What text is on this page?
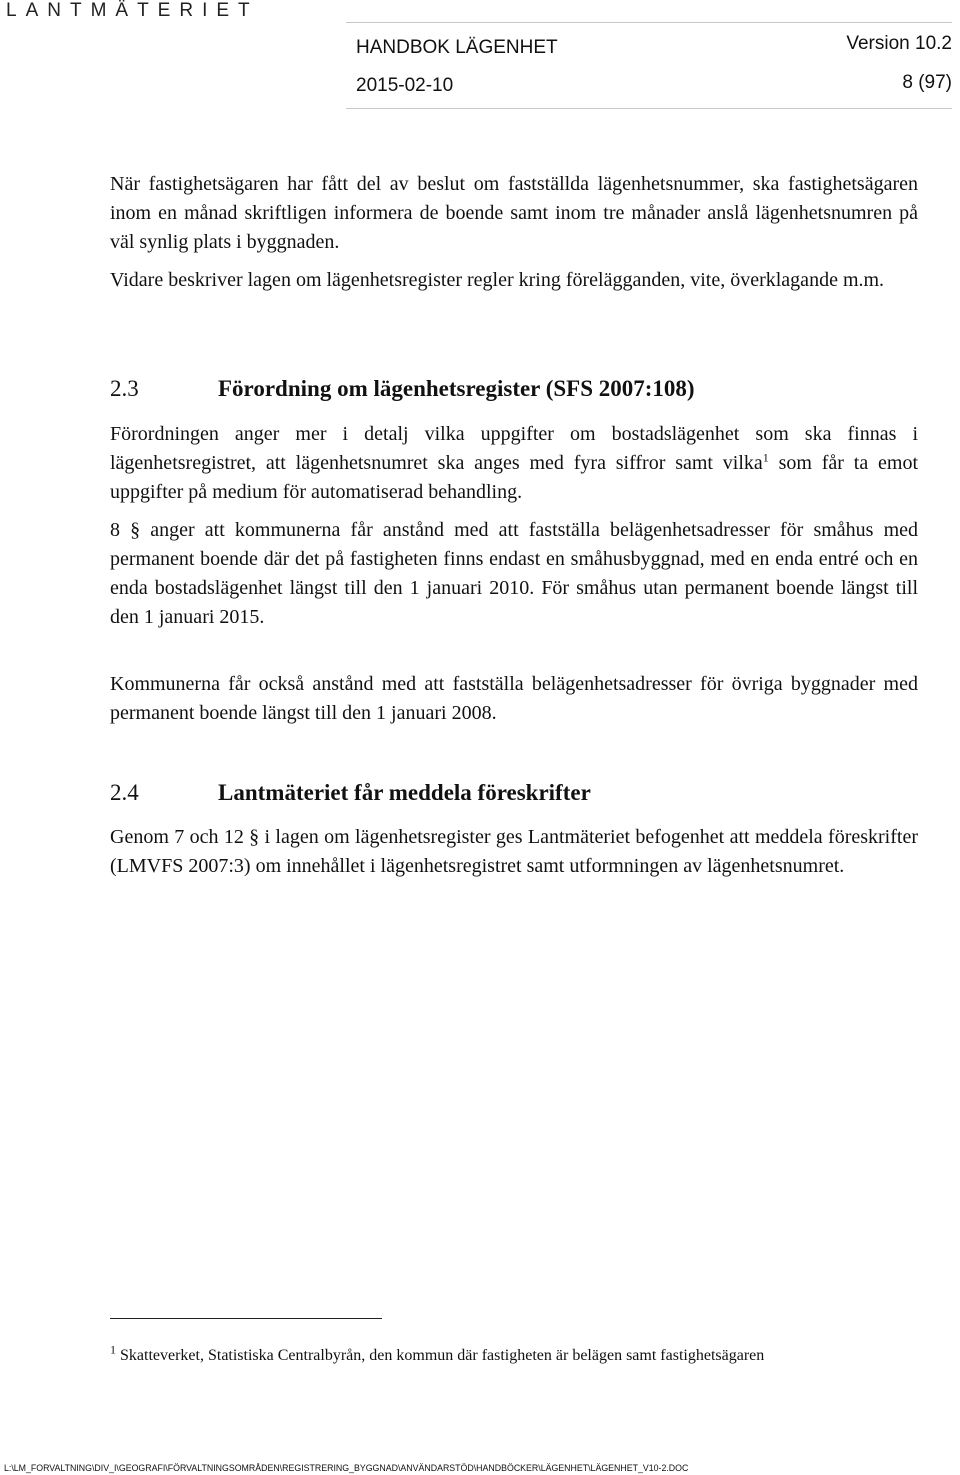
LANTMÄTERIET
HANDBOK LÄGENHET	Version 10.2
2015-02-10	8 (97)

När fastighetsägaren har fått del av beslut om fastställda lägenhetsnummer, ska fastighetsägaren inom en månad skriftligen informera de boende samt inom tre månader anslå lägenhetsnumren på väl synlig plats i byggnaden.

Vidare beskriver lagen om lägenhetsregister regler kring förelägganden, vite, överklagande m.m.

2.3	Förordning om lägenhetsregister (SFS 2007:108)

Förordningen anger mer i detalj vilka uppgifter om bostadslägenhet som ska finnas i lägenhetsregistret, att lägenhetsnumret ska anges med fyra siffror samt vilka$^1$ som får ta emot uppgifter på medium för automatiserad behandling.

8 § anger att kommunerna får anstånd med att fastställa belägenhetsadresser för småhus med permanent boende där det på fastigheten finns endast en småhusbyggnad, med en enda entré och en enda bostadslägenhet längst till den 1 januari 2010. För småhus utan permanent boende längst till den 1 januari 2015.

Kommunerna får också anstånd med att fastställa belägenhetsadresser för övriga byggnader med permanent boende längst till den 1 januari 2008.

2.4	Lantmäteriet får meddela föreskrifter

Genom 7 och 12 § i lagen om lägenhetsregister ges Lantmäteriet befogenhet att meddela föreskrifter (LMVFS 2007:3) om innehållet i lägenhetsregistret samt utformningen av lägenhetsnumret.

$^1$ Skatteverket, Statistiska Centralbyrån, den kommun där fastigheten är belägen samt fastighetsägaren

L:\LM_FORVALTNING\DIV_I\GEOGRAFI\FÖRVALTNINGSOMRÅDEN\REGISTRERING_BYGGNAD\ANVÄNDARSTÖD\HANDBÖCKER\LÄGENHET\LÄGENHET_V10-2.DOC
